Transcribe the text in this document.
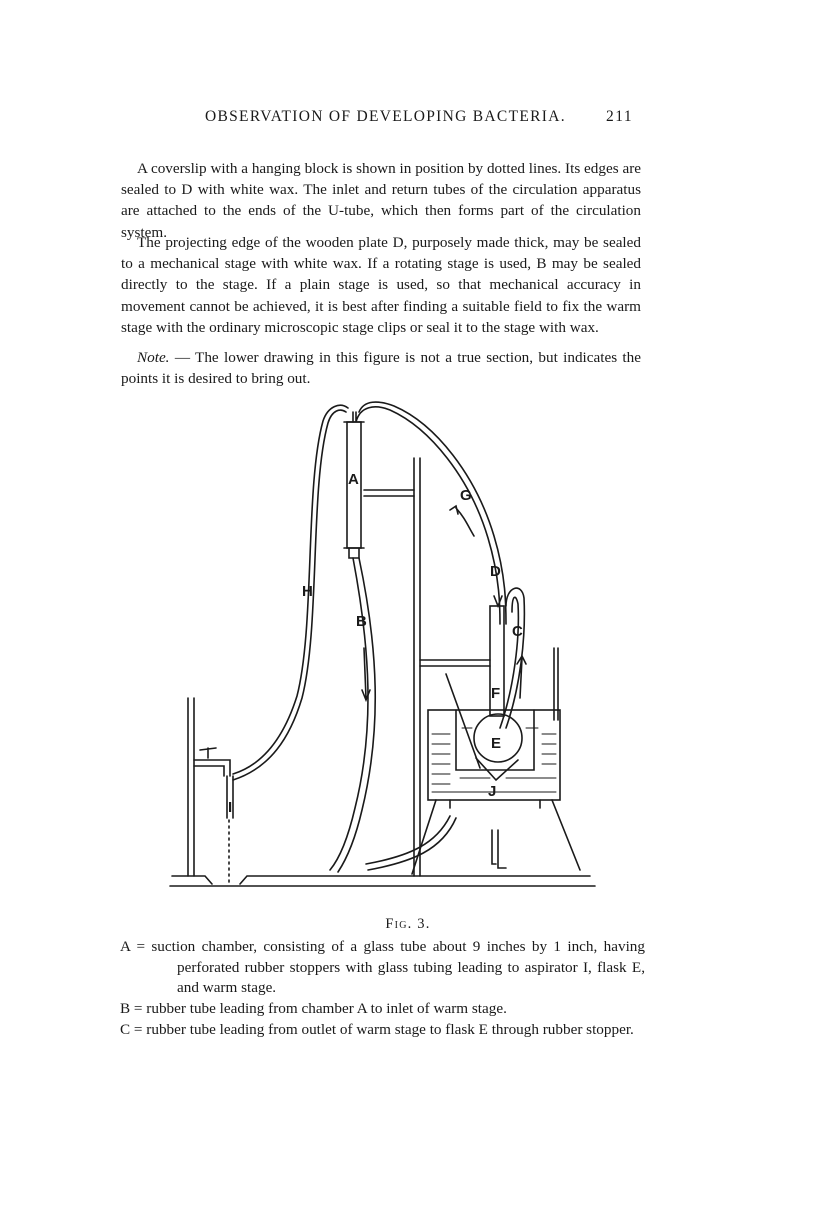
OBSERVATION OF DEVELOPING BACTERIA.	211

A coverslip with a hanging block is shown in position by dotted lines. Its edges are sealed to D with white wax. The inlet and return tubes of the circulation apparatus are attached to the ends of the U-tube, which then forms part of the circulation system.

The projecting edge of the wooden plate D, purposely made thick, may be sealed to a mechanical stage with white wax. If a rotating stage is used, B may be sealed directly to the stage. If a plain stage is used, so that mechanical accuracy in movement cannot be achieved, it is best after finding a suitable field to fix the warm stage with the ordinary microscopic stage clips or seal it to the stage with wax.

Note. — The lower drawing in this figure is not a true section, but indicates the points it is desired to bring out.

A
B
C
D
E
F
G
H
I
J
Fig. 3.
A = suction chamber, consisting of a glass tube about 9 inches by 1 inch, having perforated rubber stoppers with glass tubing leading to aspirator I, flask E, and warm stage.
B = rubber tube leading from chamber A to inlet of warm stage.
C = rubber tube leading from outlet of warm stage to flask E through rubber stopper.
